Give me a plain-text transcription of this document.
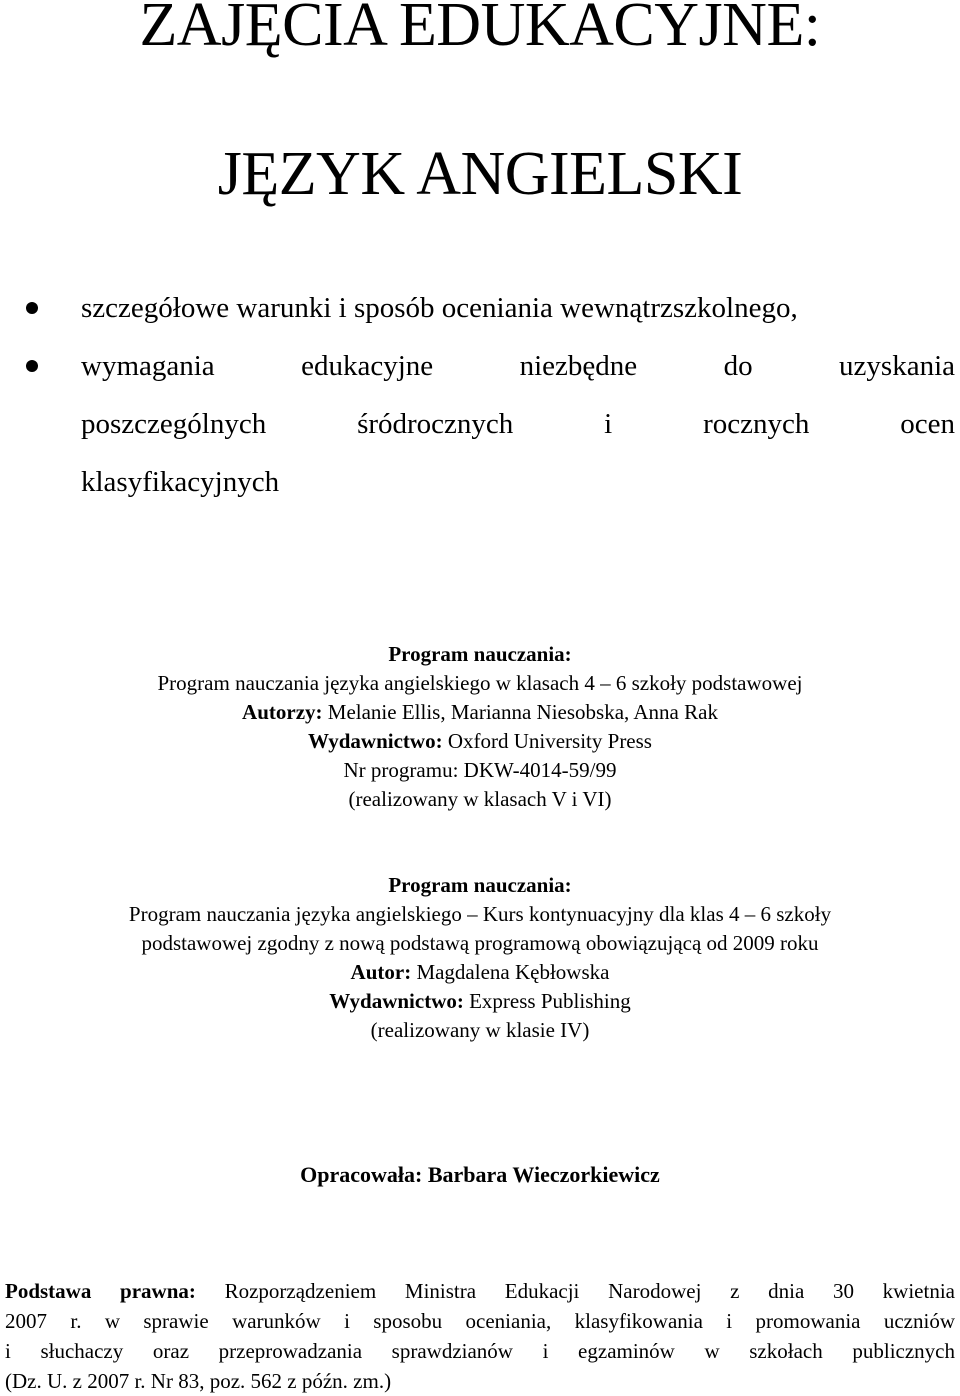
ZAJĘCIA EDUKACYJNE:
JĘZYK ANGIELSKI
szczegółowe warunki i sposób oceniania wewnątrzszkolnego,
wymagania edukacyjne niezbędne do uzyskania
poszczególnych śródrocznych i rocznych ocen
klasyfikacyjnych
Program nauczania:
Program nauczania języka angielskiego w klasach 4 – 6 szkoły podstawowej
Autorzy: Melanie Ellis, Marianna Niesobska, Anna Rak
Wydawnictwo: Oxford University Press
Nr programu: DKW-4014-59/99
(realizowany w klasach V i VI)
Program nauczania:
Program nauczania języka angielskiego – Kurs kontynuacyjny dla klas 4 – 6 szkoły
podstawowej zgodny z nową podstawą programową obowiązującą od 2009 roku
Autor: Magdalena Kębłowska
Wydawnictwo: Express Publishing
(realizowany w klasie IV)
Opracowała: Barbara Wieczorkiewicz
Podstawa prawna: Rozporządzeniem Ministra Edukacji Narodowej z dnia 30 kwietnia
2007 r. w sprawie warunków i sposobu oceniania, klasyfikowania i promowania uczniów
i słuchaczy oraz przeprowadzania sprawdzianów i egzaminów w szkołach publicznych
(Dz. U. z 2007 r. Nr 83, poz. 562 z późn. zm.)
